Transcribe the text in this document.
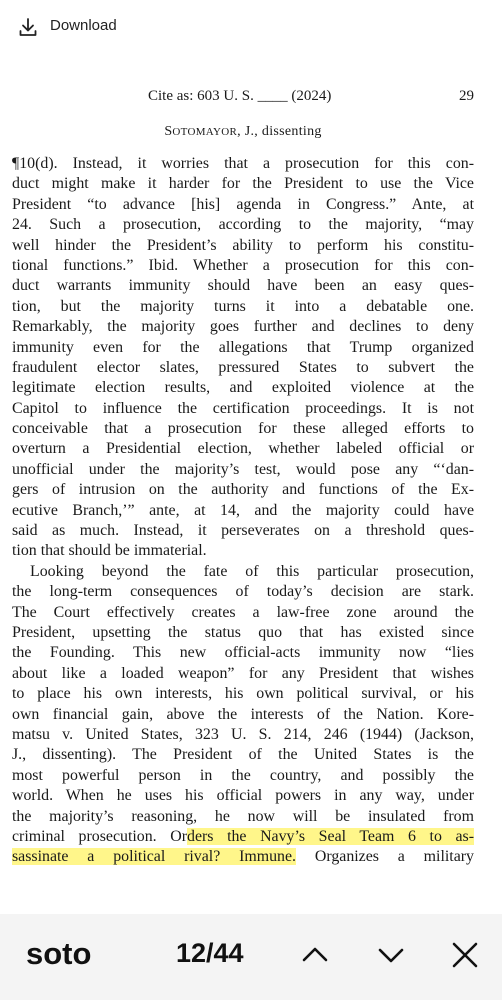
Download
Cite as: 603 U. S. ____ (2024)	29
SOTOMAYOR, J., dissenting
¶10(d). Instead, it worries that a prosecution for this con-
duct might make it harder for the President to use the Vice
President “to advance [his] agenda in Congress.” Ante, at
24. Such a prosecution, according to the majority, “may
well hinder the President’s ability to perform his constitu-
tional functions.” Ibid. Whether a prosecution for this con-
duct warrants immunity should have been an easy ques-
tion, but the majority turns it into a debatable one.
Remarkably, the majority goes further and declines to deny
immunity even for the allegations that Trump organized
fraudulent elector slates, pressured States to subvert the
legitimate election results, and exploited violence at the
Capitol to influence the certification proceedings. It is not
conceivable that a prosecution for these alleged efforts to
overturn a Presidential election, whether labeled official or
unofficial under the majority’s test, would pose any “‘dan-
gers of intrusion on the authority and functions of the Ex-
ecutive Branch,’” ante, at 14, and the majority could have
said as much. Instead, it perseverates on a threshold ques-
tion that should be immaterial.
Looking beyond the fate of this particular prosecution,
the long-term consequences of today’s decision are stark.
The Court effectively creates a law-free zone around the
President, upsetting the status quo that has existed since
the Founding. This new official-acts immunity now “lies
about like a loaded weapon” for any President that wishes
to place his own interests, his own political survival, or his
own financial gain, above the interests of the Nation. Kore-
matsu v. United States, 323 U. S. 214, 246 (1944) (Jackson,
J., dissenting). The President of the United States is the
most powerful person in the country, and possibly the
world. When he uses his official powers in any way, under
the majority’s reasoning, he now will be insulated from
criminal prosecution. Orders the Navy’s Seal Team 6 to as-
sassinate a political rival? Immune. Organizes a military
soto	12/44
